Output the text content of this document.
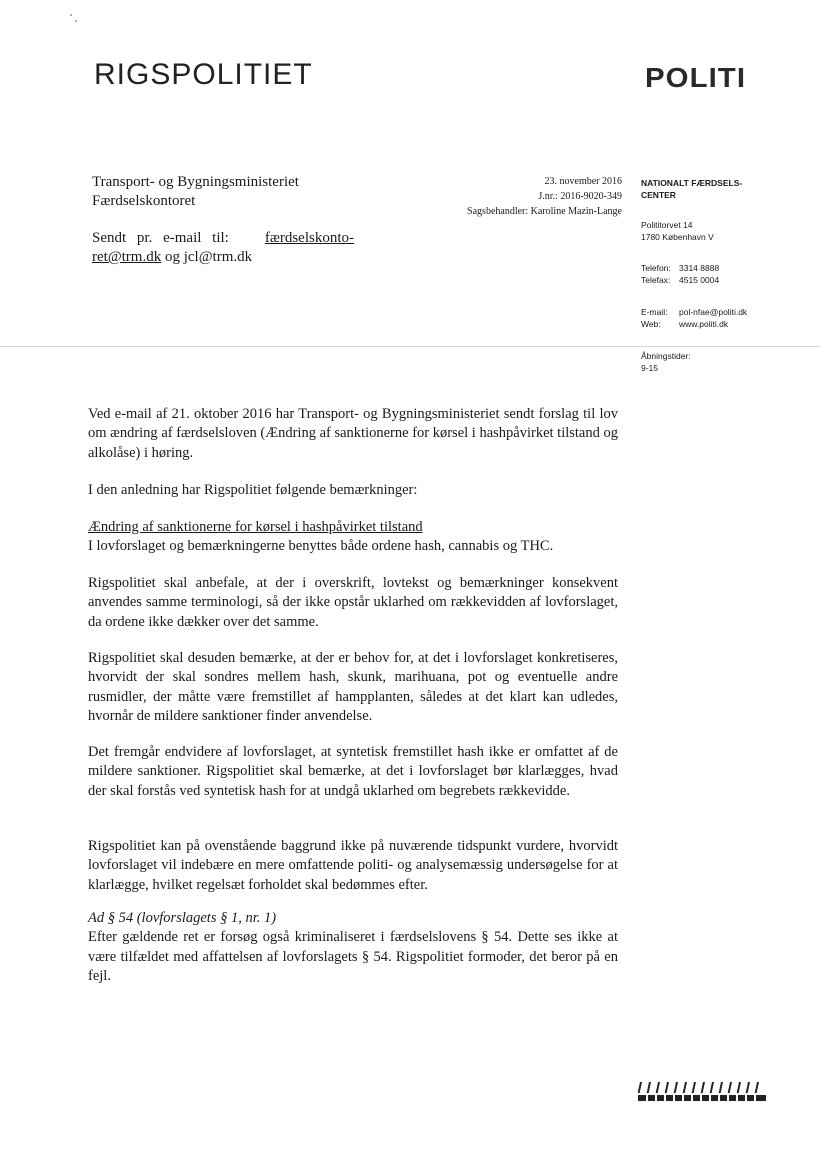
RIGSPOLITIET	POLITI
Transport- og Bygningsministeriet
Færdselskontoret
Sendt pr. e-mail til: færdselskonto-
ret@trm.dk og jcl@trm.dk
23. november 2016
J.nr.: 2016-9020-349
Sagsbehandler: Karoline Mazin-Lange
NATIONALT FÆRDSELS-
CENTER
Polititorvet 14
1780 København V
Telefon: 3314 8888
Telefax: 4515 0004
E-mail: pol-nfae@politi.dk
Web: www.politi.dk
Åbningstider:
9-15
Ved e-mail af 21. oktober 2016 har Transport- og Bygningsministeriet sendt forslag til lov om ændring af færdselsloven (Ændring af sanktionerne for kørsel i hashpåvirket tilstand og alkolåse) i høring.
I den anledning har Rigspolitiet følgende bemærkninger:
Ændring af sanktionerne for kørsel i hashpåvirket tilstand
I lovforslaget og bemærkningerne benyttes både ordene hash, cannabis og THC.
Rigspolitiet skal anbefale, at der i overskrift, lovtekst og bemærkninger konsekvent anvendes samme terminologi, så der ikke opstår uklarhed om rækkevidden af lovforslaget, da ordene ikke dækker over det samme.
Rigspolitiet skal desuden bemærke, at der er behov for, at det i lovforslaget konkretiseres, hvorvidt der skal sondres mellem hash, skunk, marihuana, pot og eventuelle andre rusmidler, der måtte være fremstillet af hampplanten, således at det klart kan udledes, hvornår de mildere sanktioner finder anvendelse.
Det fremgår endvidere af lovforslaget, at syntetisk fremstillet hash ikke er omfattet af de mildere sanktioner. Rigspolitiet skal bemærke, at det i lovforslaget bør klarlægges, hvad der skal forstås ved syntetisk hash for at undgå uklarhed om begrebets rækkevidde.
Rigspolitiet kan på ovenstående baggrund ikke på nuværende tidspunkt vurdere, hvorvidt lovforslaget vil indebære en mere omfattende politi- og analysemæssig undersøgelse for at klarlægge, hvilket regelsæt forholdet skal bedømmes efter.
Ad § 54 (lovforslagets § 1, nr. 1)
Efter gældende ret er forsøg også kriminaliseret i færdselslovens § 54. Dette ses ikke at være tilfældet med affattelsen af lovforslagets § 54. Rigspolitiet formoder, det beror på en fejl.
